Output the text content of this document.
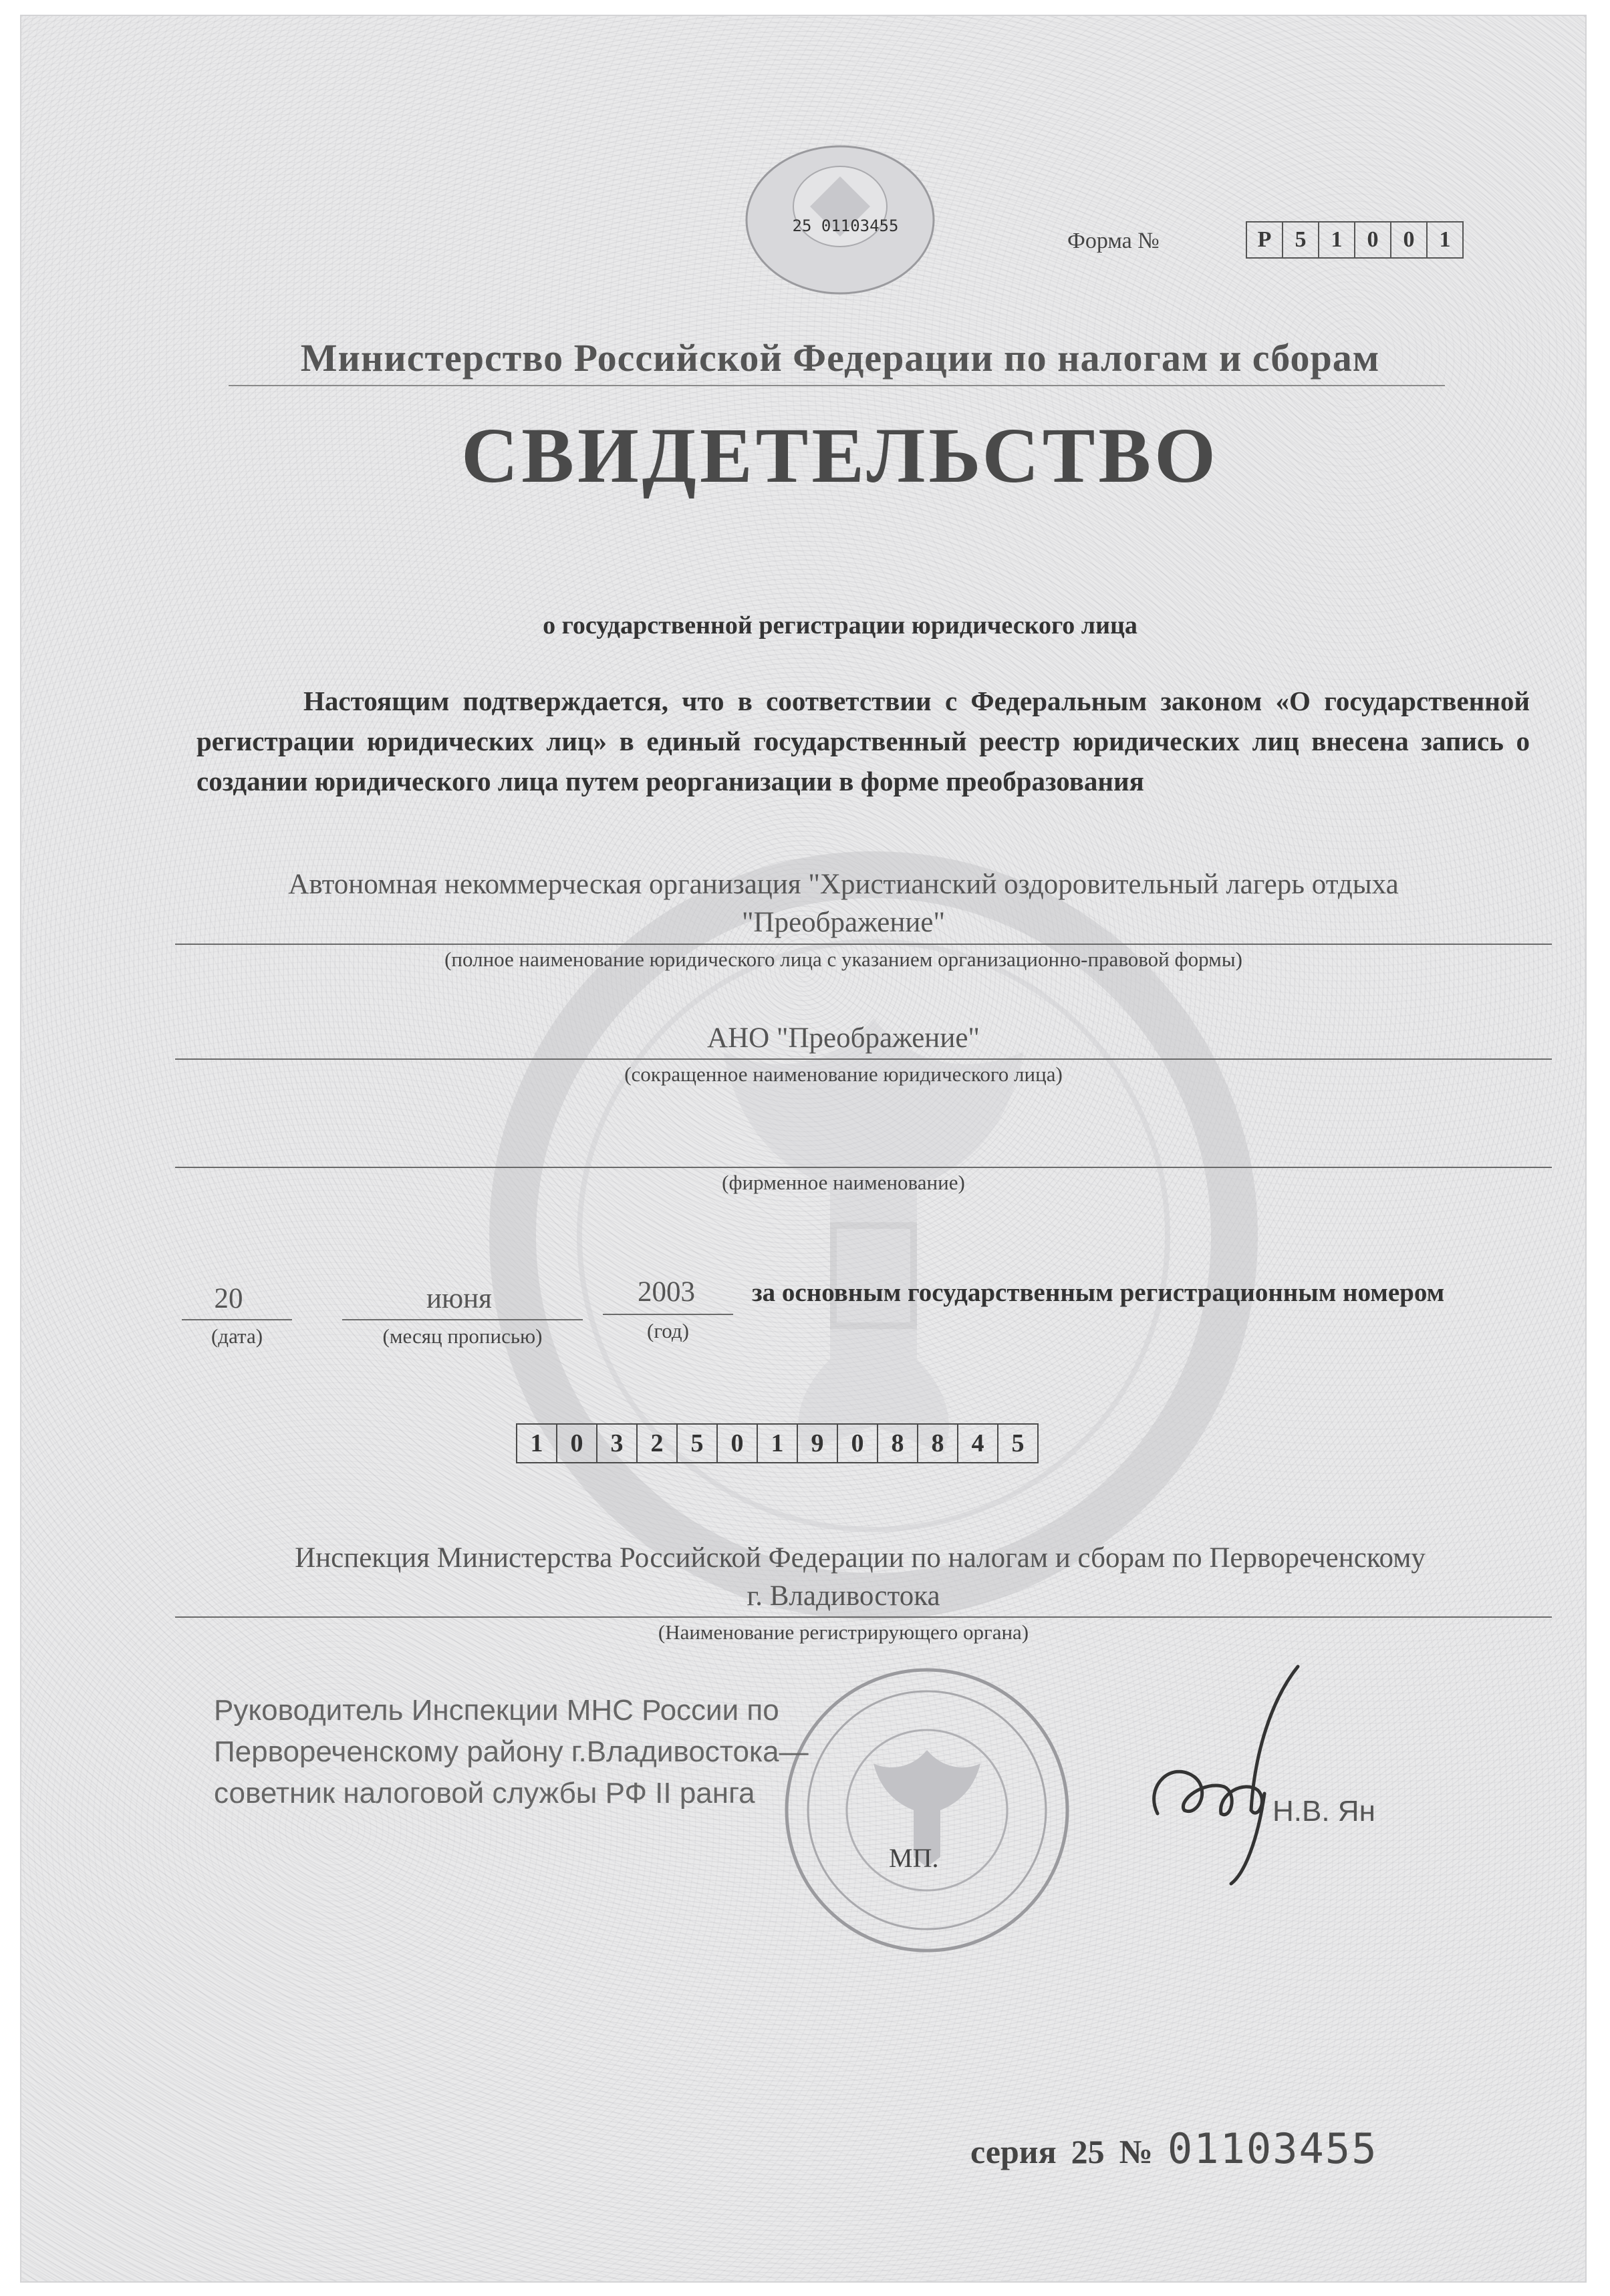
25 01103455
Форма №	Р	5	1	0	0	1
Министерство Российской Федерации по налогам и сборам
СВИДЕТЕЛЬСТВО
о государственной регистрации юридического лица
Настоящим подтверждается, что в соответствии с Федеральным законом «О государственной регистрации юридических лиц» в единый государственный реестр юридических лиц внесена запись о создании юридического лица путем реорганизации в форме преобразования
Автономная некоммерческая организация "Христианский оздоровительный лагерь отдыха
"Преображение"
(полное наименование юридического лица с указанием организационно-правовой формы)
АНО "Преображение"
(сокращенное наименование юридического лица)
(фирменное наименование)
20
(дата)
июня
(месяц прописью)
2003
(год)
за основным государственным регистрационным номером
1	0	3	2	5	0	1	9	0	8	8	4	5
Инспекция Министерства Российской Федерации по налогам и сборам по Первореченскому
г. Владивостока
(Наименование регистрирующего органа)
МП.
Руководитель Инспекции МНС России по
Первореченскому району г.Владивостока—
советник налоговой службы РФ II ранга
Н.В. Ян
серия 25 № 01103455
